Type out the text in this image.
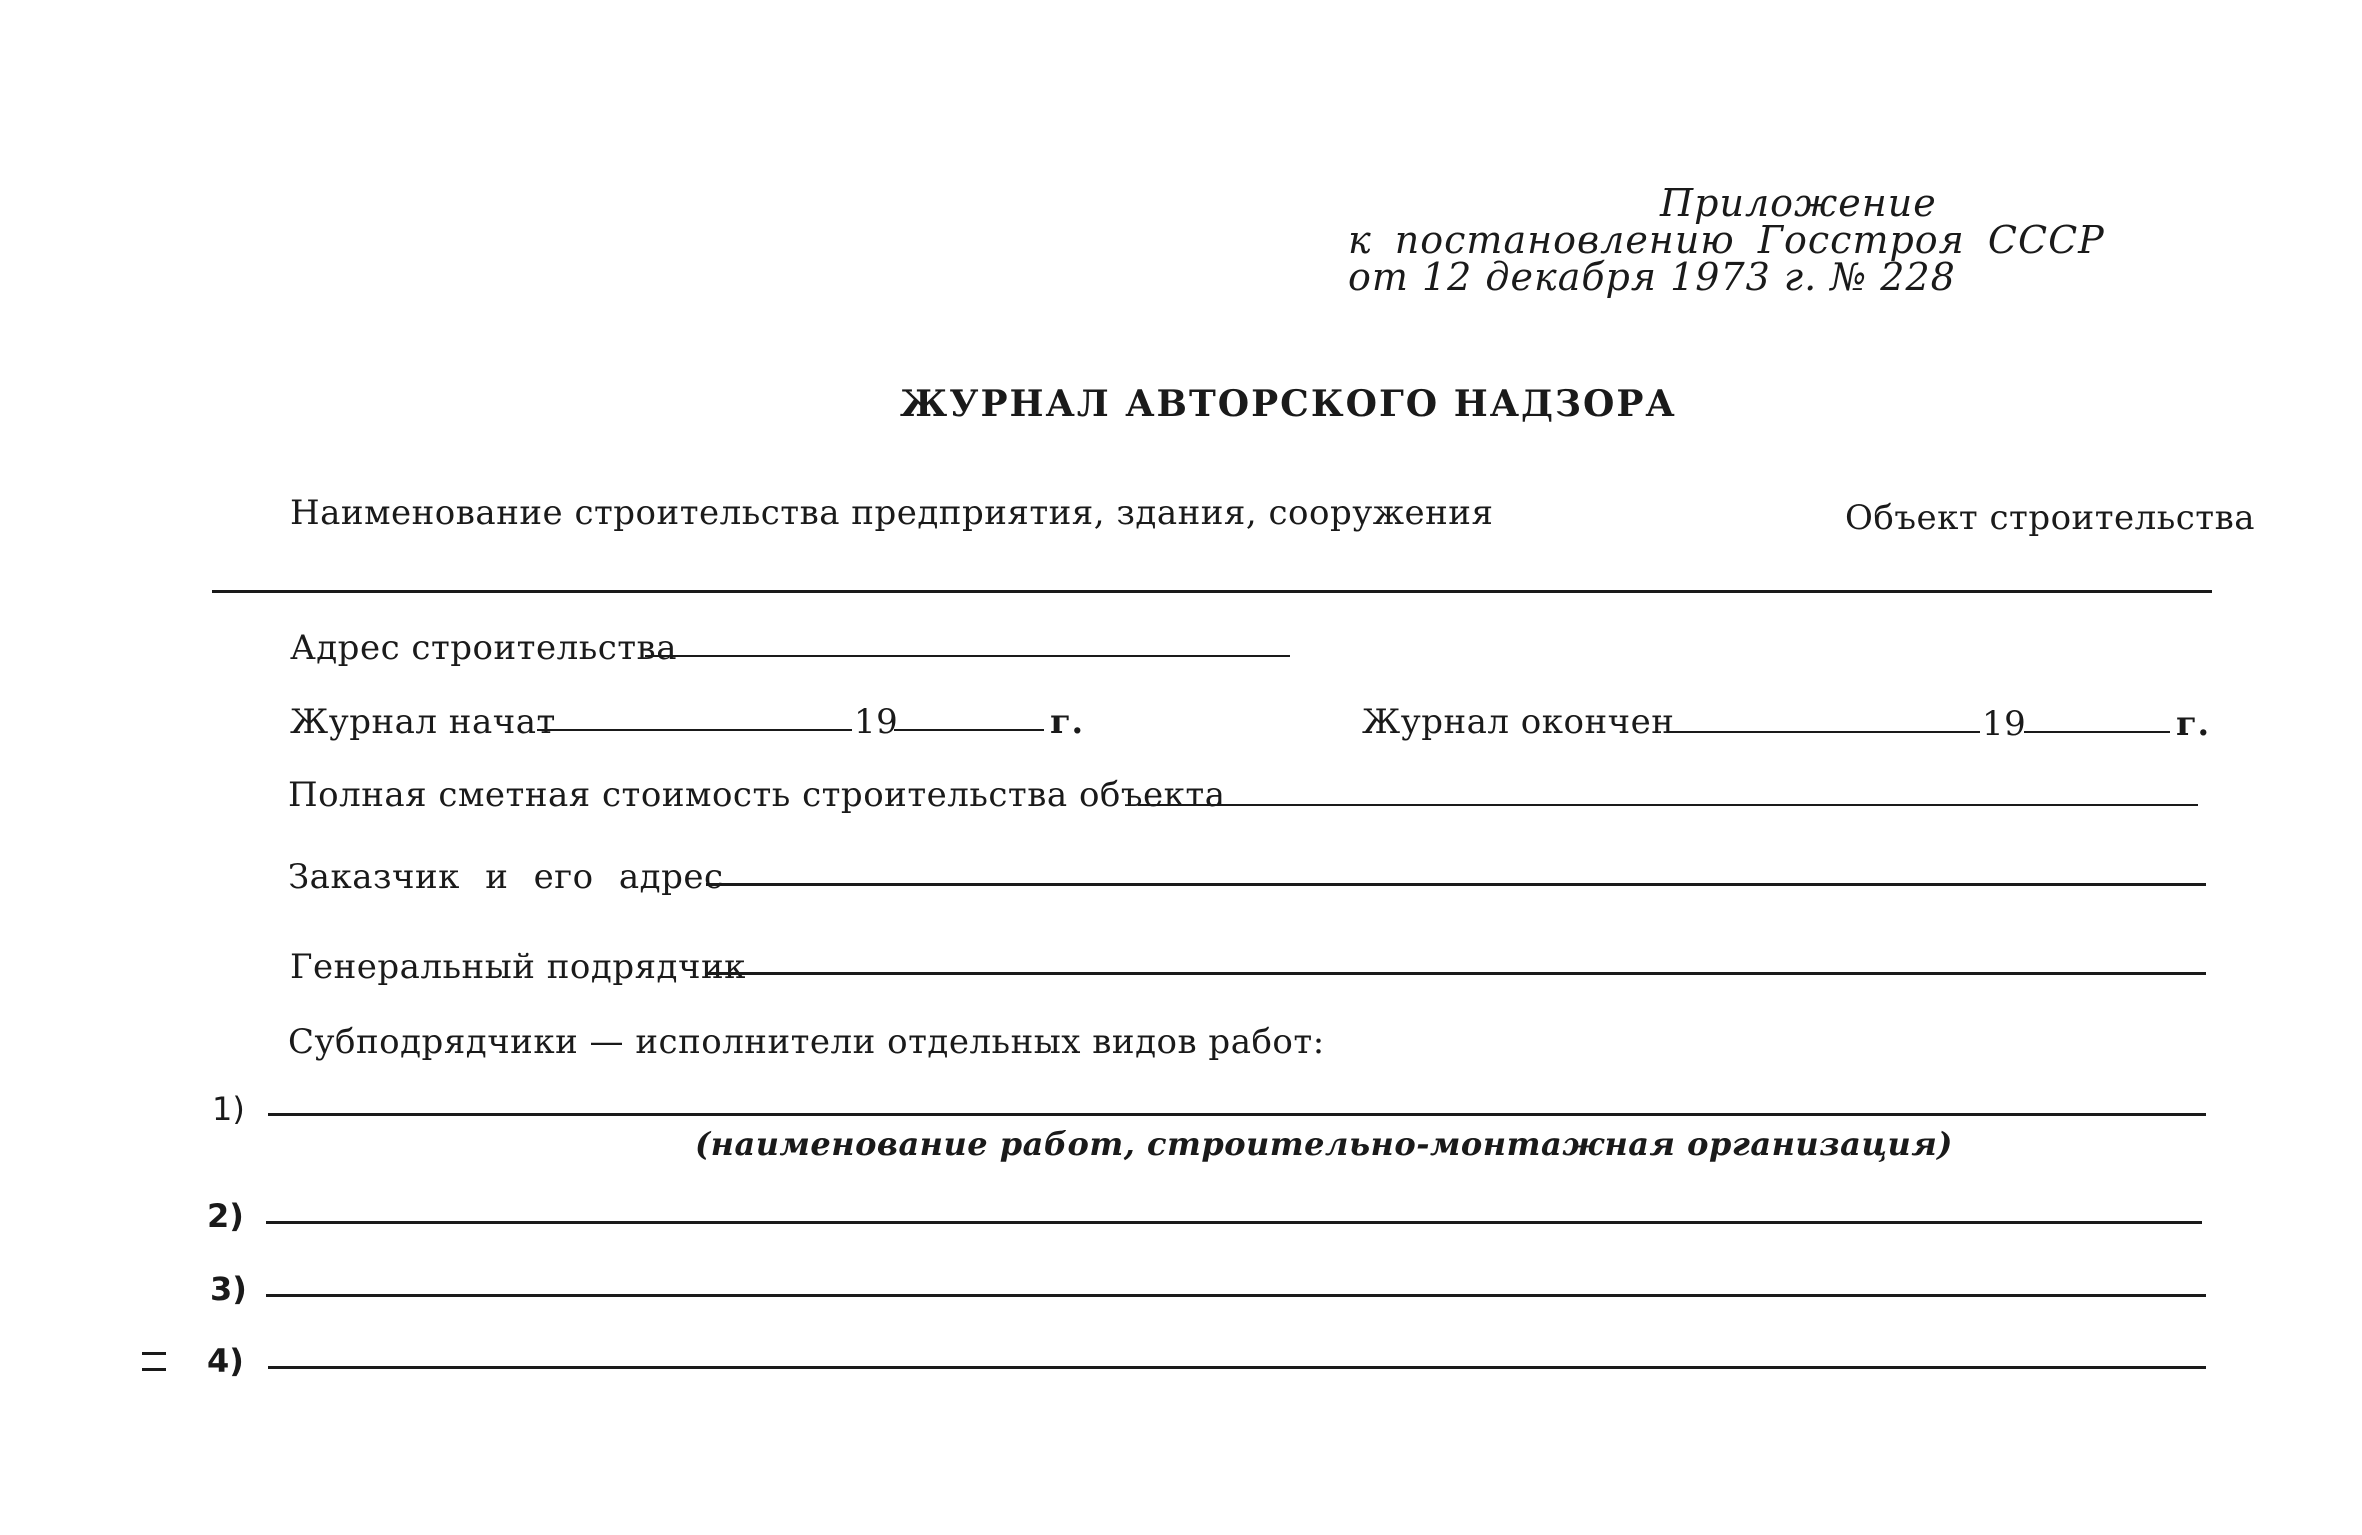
Приложение
к постановлению Госстроя СССР
от 12 декабря 1973 г. № 228
ЖУРНАЛ АВТОРСКОГО НАДЗОРА
Наименование строительства предприятия, здания, сооружения	Объект строительства
Адрес строительства
Журнал начат	19	г.	Журнал окончен	19	г.
Полная сметная стоимость строительства объекта
Заказчик и его адрес
Генеральный подрядчик
Субподрядчики — исполнители отдельных видов работ:
1)
(наименование работ, строительно-монтажная организация)
2)
3)
4)
